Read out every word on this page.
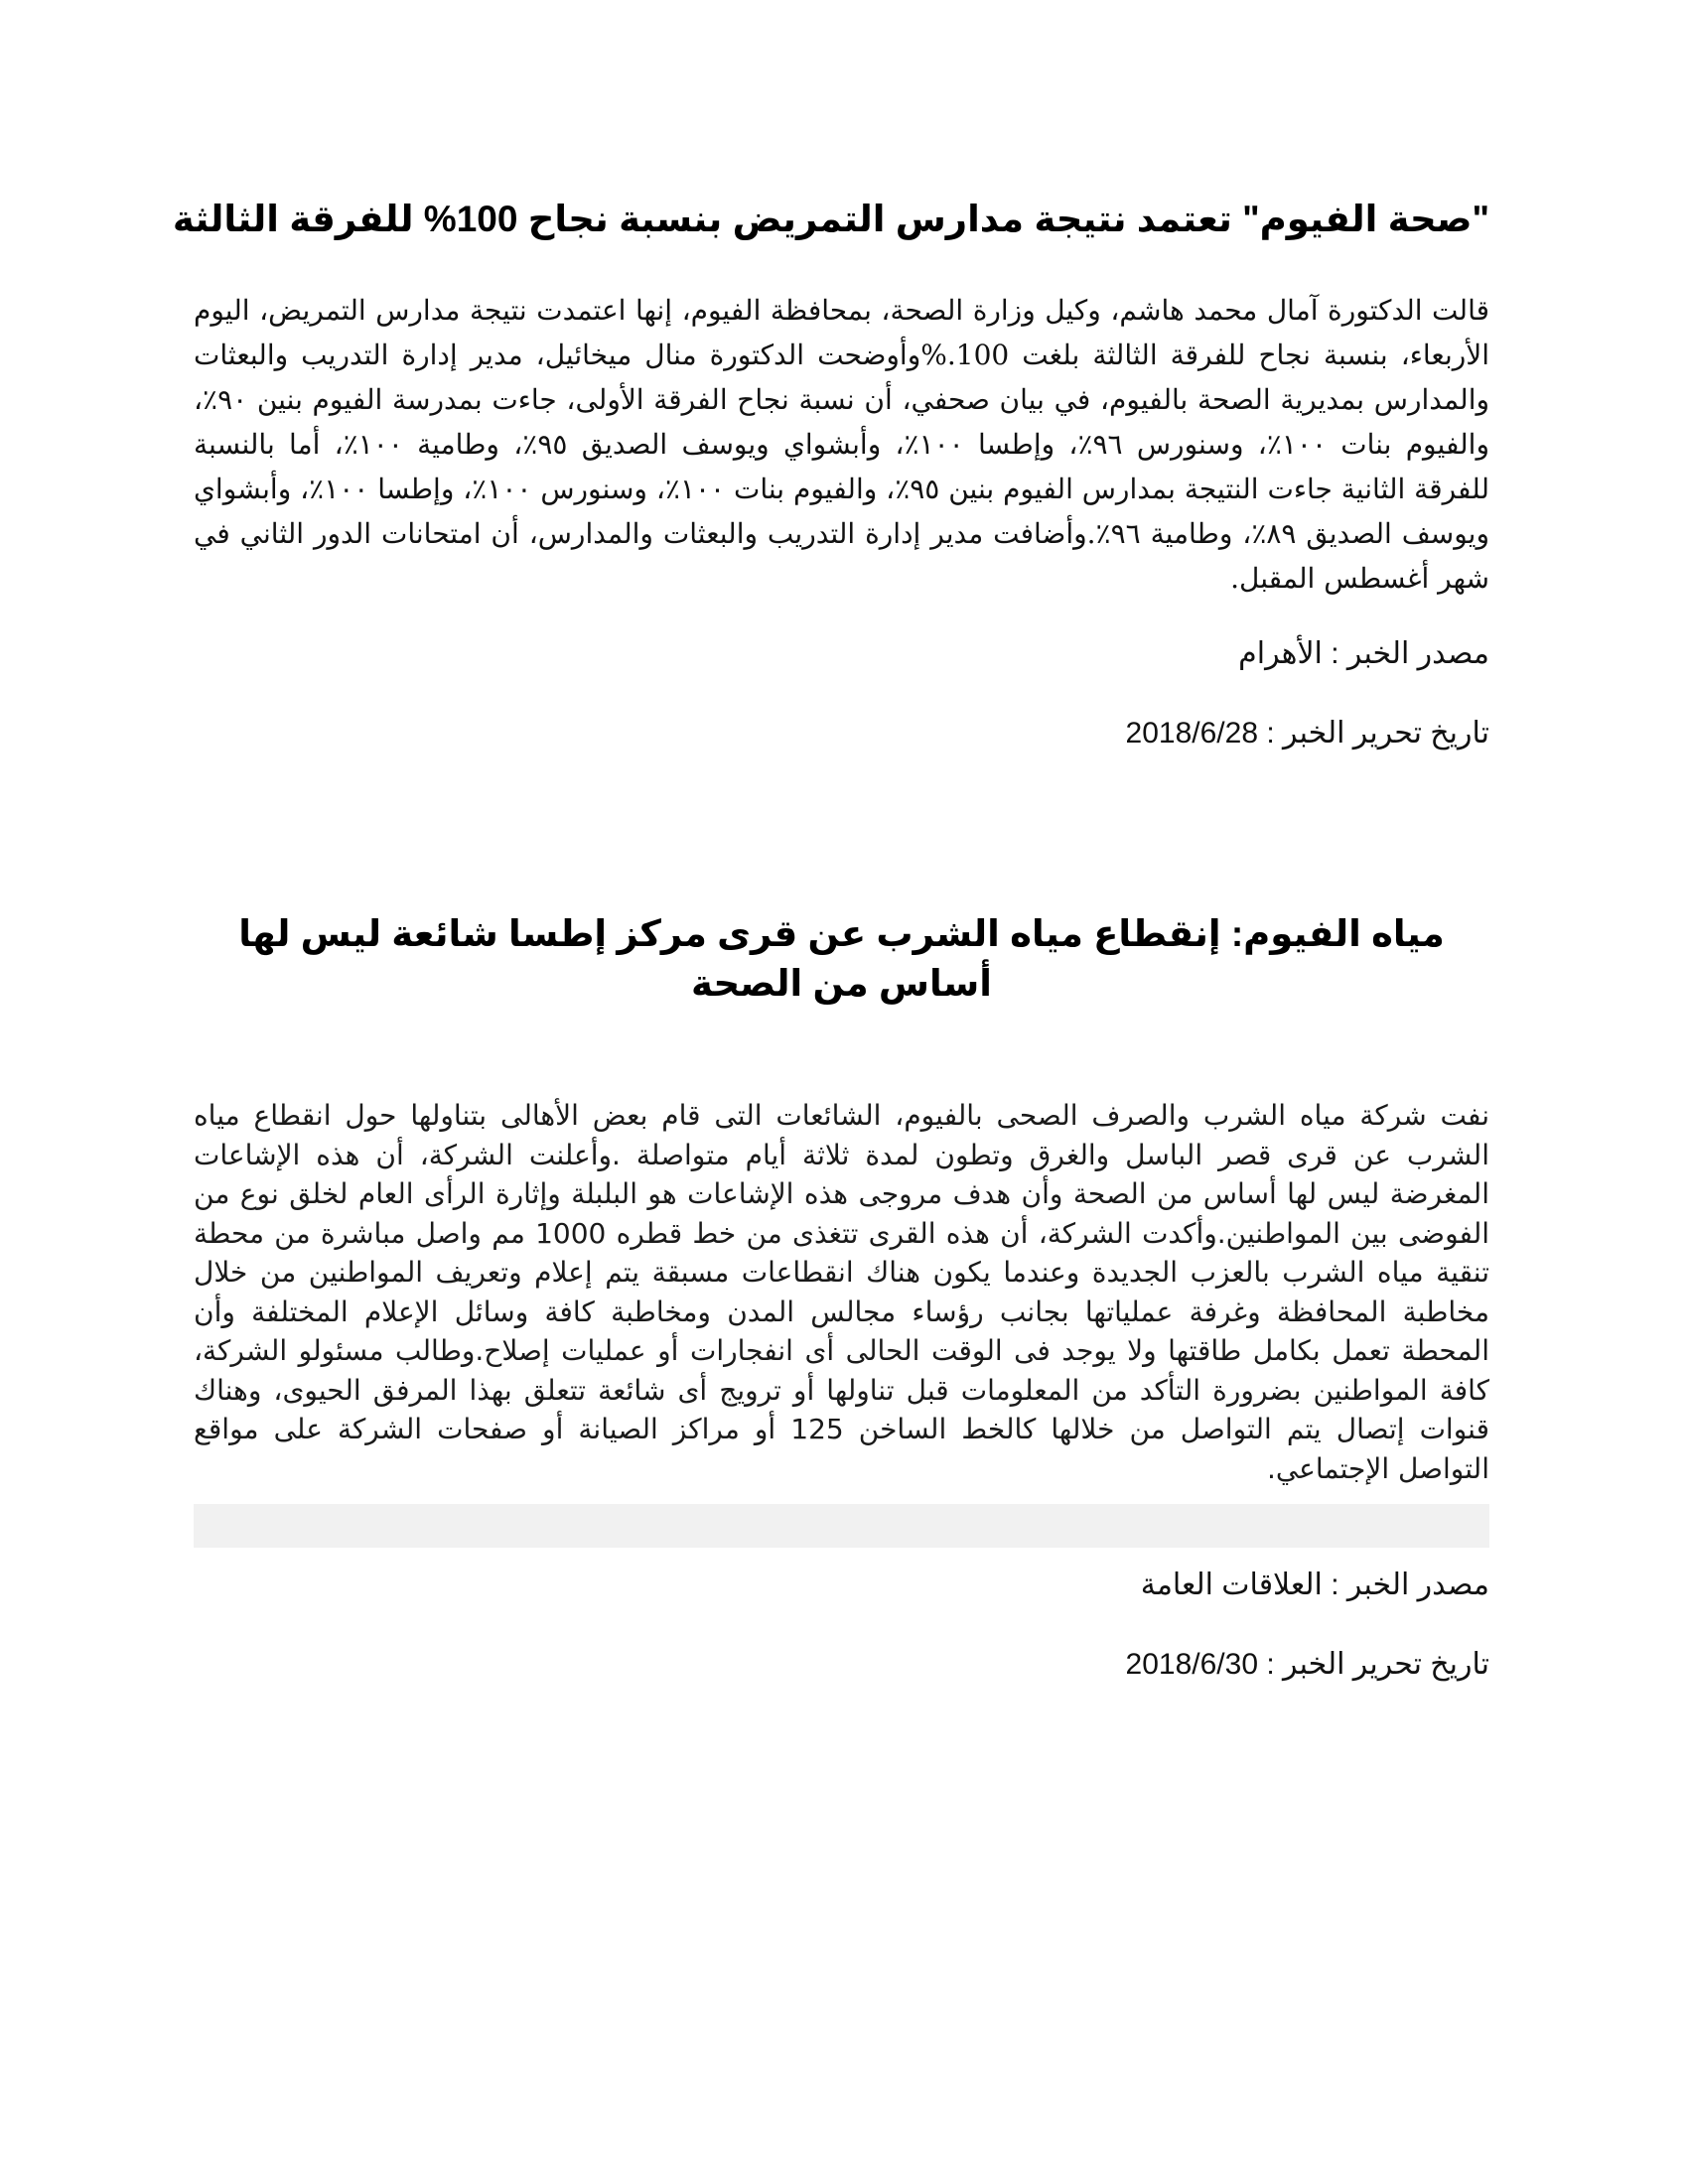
"صحة الفيوم" تعتمد نتيجة مدارس التمريض بنسبة نجاح 100% للفرقة الثالثة

قالت الدكتورة آمال محمد هاشم، وكيل وزارة الصحة، بمحافظة الفيوم، إنها اعتمدت نتيجة مدارس التمريض، اليوم الأربعاء، بنسبة نجاح للفرقة الثالثة بلغت 100.%وأوضحت الدكتورة منال ميخائيل، مدير إدارة التدريب والبعثات والمدارس بمديرية الصحة بالفيوم، في بيان صحفي، أن نسبة نجاح الفرقة الأولى، جاءت بمدرسة الفيوم بنين ٩٠٪، والفيوم بنات ١٠٠٪، وسنورس ٩٦٪، وإطسا ١٠٠٪، وأبشواي ويوسف الصديق ٩٥٪، وطامية ١٠٠٪، أما بالنسبة للفرقة الثانية جاءت النتيجة بمدارس الفيوم بنين ٩٥٪، والفيوم بنات ١٠٠٪، وسنورس ١٠٠٪، وإطسا ١٠٠٪، وأبشواي ويوسف الصديق ٨٩٪، وطامية ٩٦٪.وأضافت مدير إدارة التدريب والبعثات والمدارس، أن امتحانات الدور الثاني في شهر أغسطس المقبل.

مصدر الخبر : الأهرام

تاريخ تحرير الخبر : 2018/6/28

مياه الفيوم: إنقطاع مياه الشرب عن قرى مركز إطسا شائعة ليس لها أساس من الصحة

نفت شركة مياه الشرب والصرف الصحى بالفيوم، الشائعات التى قام بعض الأهالى بتناولها حول انقطاع مياه الشرب عن قرى قصر الباسل والغرق وتطون لمدة ثلاثة أيام متواصلة .وأعلنت الشركة، أن هذه الإشاعات المغرضة ليس لها أساس من الصحة وأن هدف مروجى هذه الإشاعات هو البلبلة وإثارة الرأى العام لخلق نوع من الفوضى بين المواطنين.وأكدت الشركة، أن هذه القرى تتغذى من خط قطره 1000 مم واصل مباشرة من محطة تنقية مياه الشرب بالعزب الجديدة وعندما يكون هناك انقطاعات مسبقة يتم إعلام وتعريف المواطنين من خلال مخاطبة المحافظة وغرفة عملياتها بجانب رؤساء مجالس المدن ومخاطبة كافة وسائل الإعلام المختلفة وأن المحطة تعمل بكامل طاقتها ولا يوجد فى الوقت الحالى أى انفجارات أو عمليات إصلاح.وطالب مسئولو الشركة، كافة المواطنين بضرورة التأكد من المعلومات قبل تناولها أو ترويج أى شائعة تتعلق بهذا المرفق الحيوى، وهناك قنوات إتصال يتم التواصل من خلالها كالخط الساخن 125 أو مراكز الصيانة أو صفحات الشركة على مواقع التواصل الإجتماعي.

مصدر الخبر : العلاقات العامة

تاريخ تحرير الخبر : 2018/6/30
